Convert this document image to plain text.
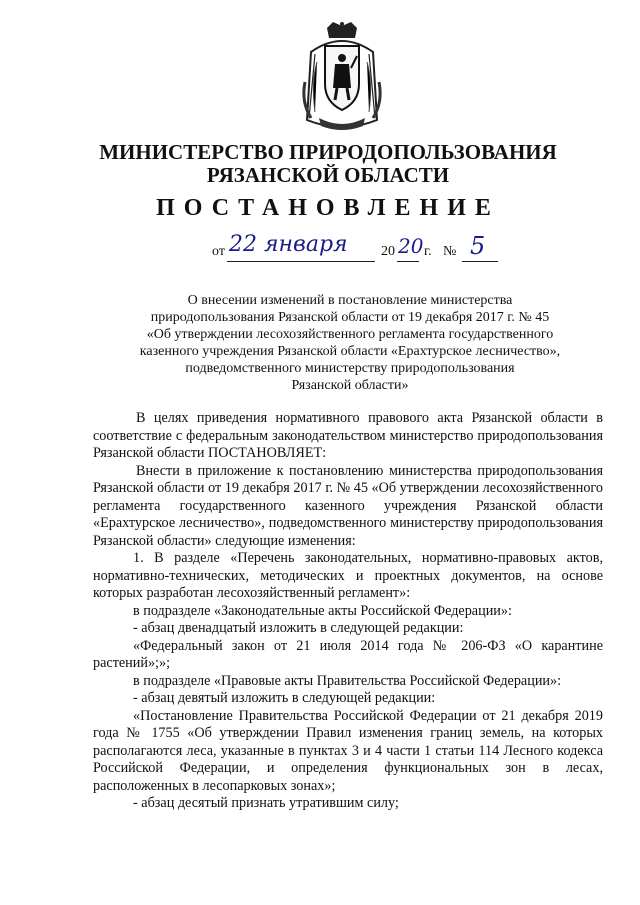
МИНИСТЕРСТВО ПРИРОДОПОЛЬЗОВАНИЯ
РЯЗАНСКОЙ ОБЛАСТИ
ПОСТАНОВЛЕНИЕ
от 22 января 20 20 г. № 5
О внесении изменений в постановление министерства
природопользования Рязанской области от 19 декабря 2017 г. № 45
«Об утверждении лесохозяйственного регламента государственного
казенного учреждения Рязанской области «Ерахтурское лесничество»,
подведомственного министерству природопользования
Рязанской области»

В целях приведения нормативного правового акта Рязанской области в соответствие с федеральным законодательством министерство природопользования Рязанской области ПОСТАНОВЛЯЕТ:

Внести в приложение к постановлению министерства природопользования Рязанской области от 19 декабря 2017 г. № 45 «Об утверждении лесохозяйственного регламента государственного казенного учреждения Рязанской области «Ерахтурское лесничество», подведомственного министерству природопользования Рязанской области» следующие изменения:

1. В разделе «Перечень законодательных, нормативно-правовых актов, нормативно-технических, методических и проектных документов, на основе которых разработан лесохозяйственный регламент»:

в подразделе «Законодательные акты Российской Федерации»:

- абзац двенадцатый изложить в следующей редакции:

«Федеральный закон от 21 июля 2014 года № 206-ФЗ «О карантине растений»;»;

в подразделе «Правовые акты Правительства Российской Федерации»:

- абзац девятый изложить в следующей редакции:

«Постановление Правительства Российской Федерации от 21 декабря 2019 года № 1755 «Об утверждении Правил изменения границ земель, на которых располагаются леса, указанные в пунктах 3 и 4 части 1 статьи 114 Лесного кодекса Российской Федерации, и определения функциональных зон в лесах, расположенных в лесопарковых зонах»;

- абзац десятый признать утратившим силу;
